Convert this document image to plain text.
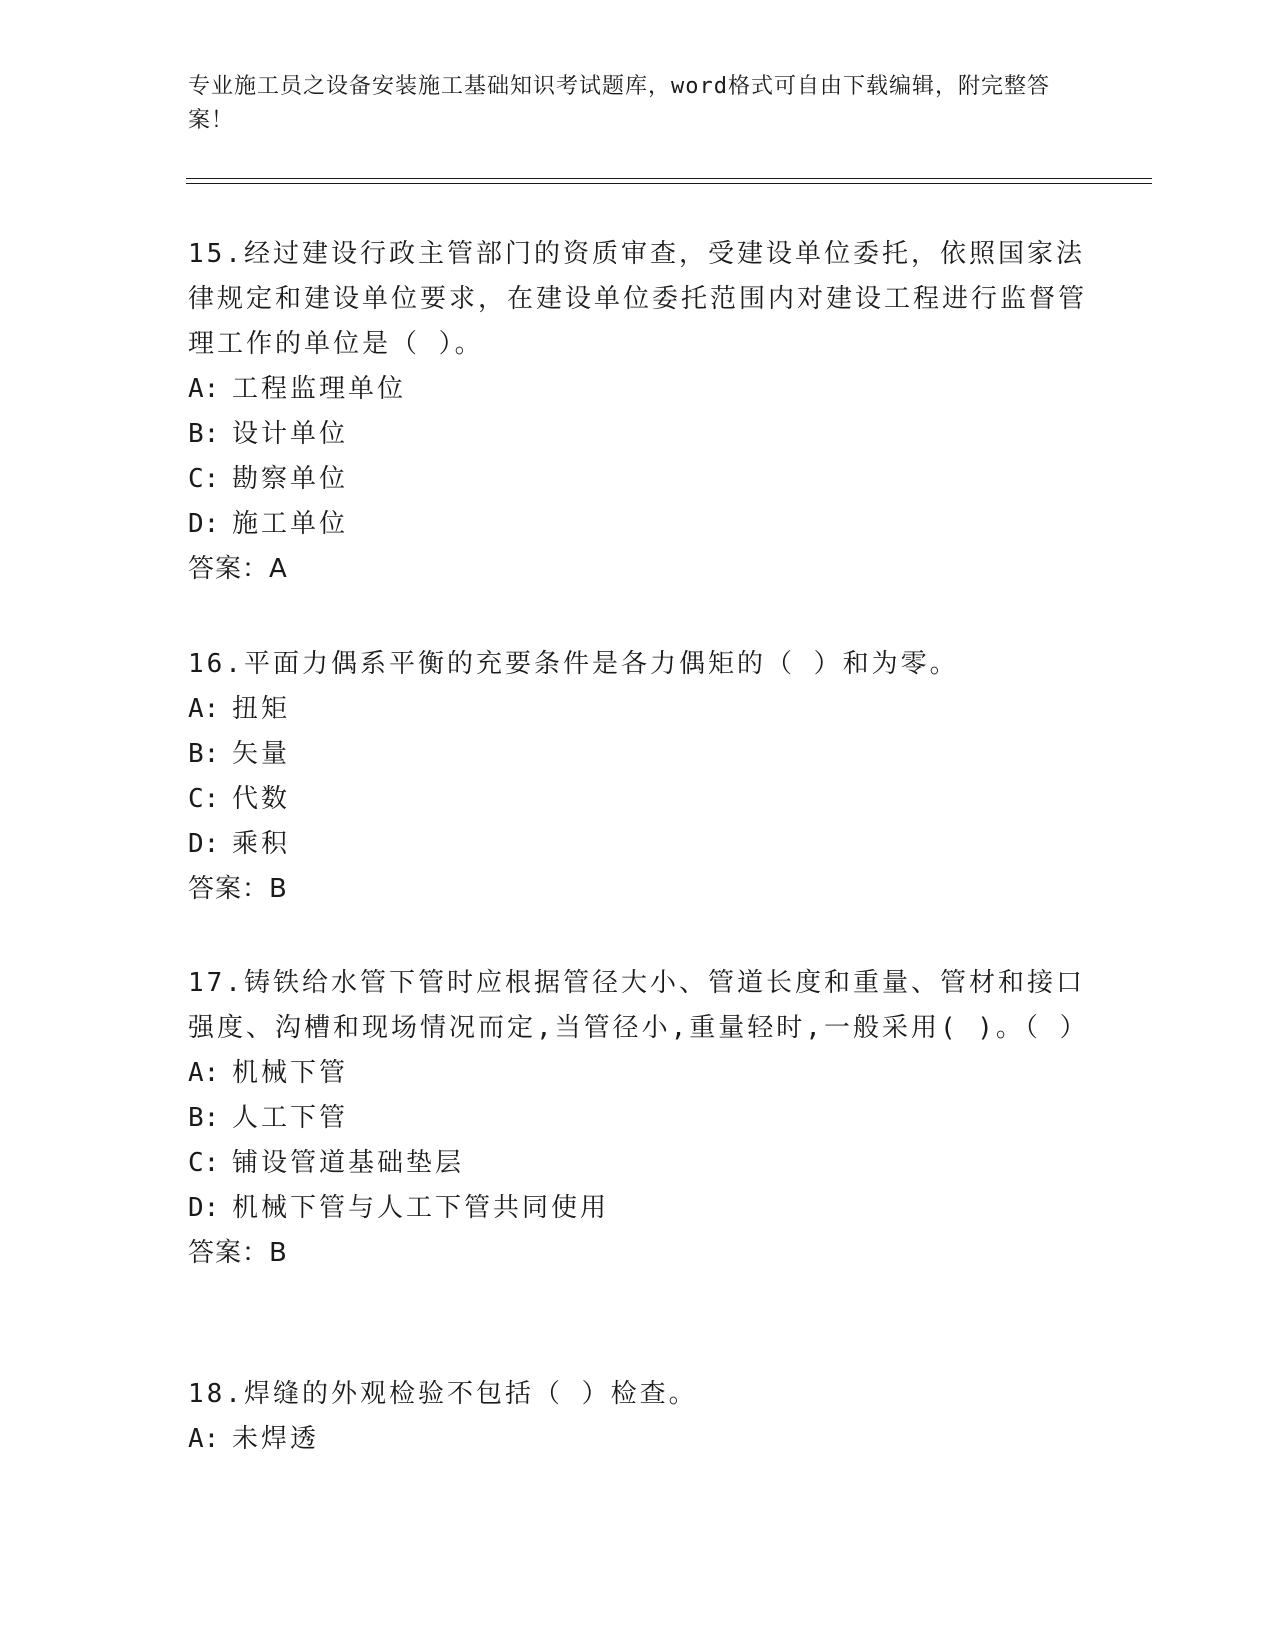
专业施工员之设备安装施工基础知识考试题库，word格式可自由下载编辑，附完整答案！

15.经过建设行政主管部门的资质审查，受建设单位委托，依照国家法律规定和建设单位要求，在建设单位委托范围内对建设工程进行监督管理工作的单位是（ ）。

A: 工程监理单位

B: 设计单位

C: 勘察单位

D: 施工单位

答案：A

16.平面力偶系平衡的充要条件是各力偶矩的（ ）和为零。

A: 扭矩

B: 矢量

C: 代数

D: 乘积

答案：B

17.铸铁给水管下管时应根据管径大小、管道长度和重量、管材和接口强度、沟槽和现场情况而定,当管径小,重量轻时,一般采用( )。（ ）

A: 机械下管

B: 人工下管

C: 铺设管道基础垫层

D: 机械下管与人工下管共同使用

答案：B

18.焊缝的外观检验不包括（ ）检查。

A: 未焊透
